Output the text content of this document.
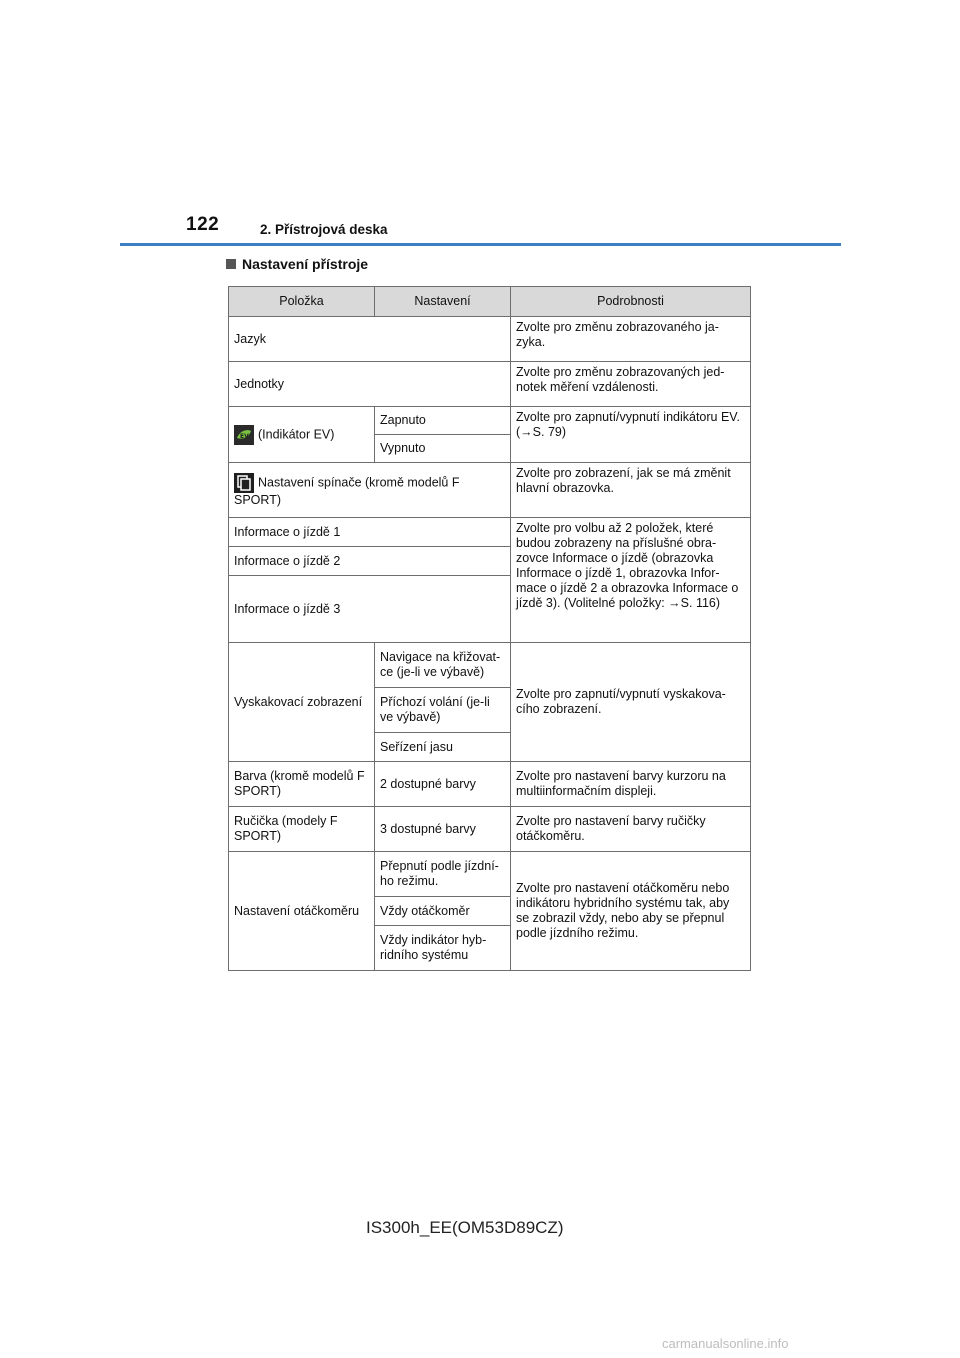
122	2. Přístrojová deska
Nastavení přístroje
Položka	Nastavení	Podrobnosti
Jazyk		Zvolte pro změnu zobrazovaného ja-zyka.
Jednotky		Zvolte pro změnu zobrazovaných jed-notek měření vzdálenosti.

EV (Indikátor EV)	Zapnuto	Zvolte pro zapnutí/vypnutí indikátoru EV. (→S. 79)
	Vypnuto	

Nastavení spínače (kromě modelů F SPORT)		Zvolte pro zobrazení, jak se má změnit hlavní obrazovka.
Informace o jízdě 1		Zvolte pro volbu až 2 položek, které budou zobrazeny na příslušné obra-zovce Informace o jízdě (obrazovka Informace o jízdě 1, obrazovka Infor-mace o jízdě 2 a obrazovka Informace o jízdě 3). (Volitelné položky: →S. 116)
Informace o jízdě 2		
Informace o jízdě 3		
Vyskakovací zobrazení	Navigace na křižovat-ce (je-li ve výbavě)	Zvolte pro zapnutí/vypnutí vyskakova-cího zobrazení.
	Příchozí volání (je-li ve výbavě)	
	Seřízení jasu	
Barva (kromě modelů F SPORT)	2 dostupné barvy	Zvolte pro nastavení barvy kurzoru na multiinformačním displeji.
Ručička (modely F SPORT)	3 dostupné barvy	Zvolte pro nastavení barvy ručičky otáčkoměru.
Nastavení otáčkoměru	Přepnutí podle jízdní-ho režimu.	Zvolte pro nastavení otáčkoměru nebo indikátoru hybridního systému tak, aby se zobrazil vždy, nebo aby se přepnul podle jízdního režimu.
	Vždy otáčkoměr	
	Vždy indikátor hyb-ridního systému	
IS300h_EE(OM53D89CZ)
carmanualsonline.info
